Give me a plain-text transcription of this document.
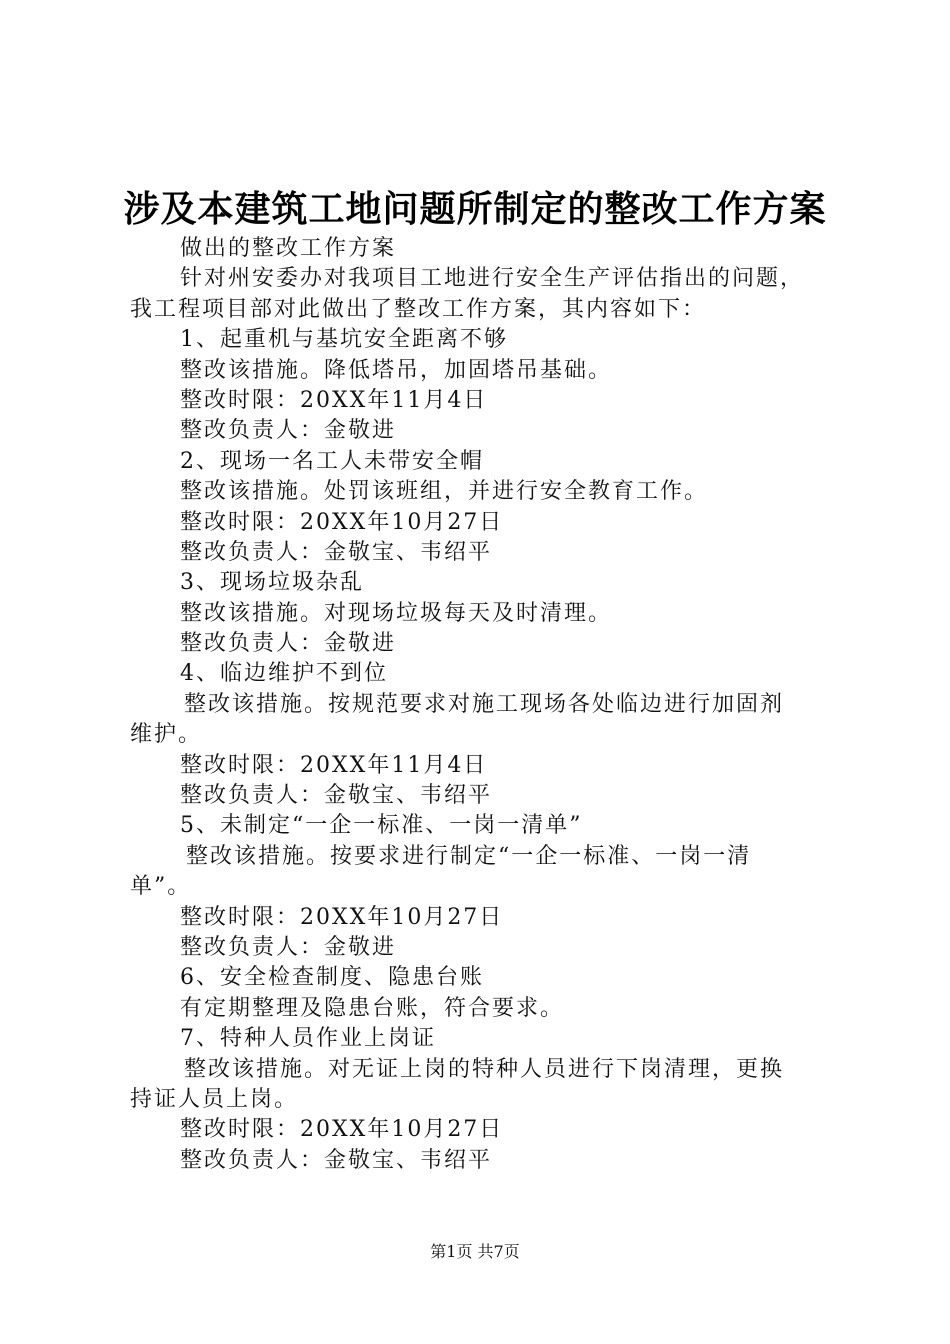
涉及本建筑工地问题所制定的整改工作方案
做出的整改工作方案
针对州安委办对我项目工地进行安全生产评估指出的问题，
我工程项目部对此做出了整改工作方案，其内容如下：
1、起重机与基坑安全距离不够
整改该措施。降低塔吊，加固塔吊基础。
整改时限：20XX年11月4日
整改负责人：金敬进
2、现场一名工人未带安全帽
整改该措施。处罚该班组，并进行安全教育工作。
整改时限：20XX年10月27日
整改负责人：金敬宝、韦绍平
3、现场垃圾杂乱
整改该措施。对现场垃圾每天及时清理。
整改负责人：金敬进
4、临边维护不到位
整改该措施。按规范要求对施工现场各处临边进行加固剂
维护。
整改时限：20XX年11月4日
整改负责人：金敬宝、韦绍平
5、未制定“一企一标准、一岗一清单”
整改该措施。按要求进行制定“一企一标准、一岗一清
单”。
整改时限：20XX年10月27日
整改负责人：金敬进
6、安全检查制度、隐患台账
有定期整理及隐患台账，符合要求。
7、特种人员作业上岗证
整改该措施。对无证上岗的特种人员进行下岗清理，更换
持证人员上岗。
整改时限：20XX年10月27日
整改负责人：金敬宝、韦绍平
第1页 共7页
